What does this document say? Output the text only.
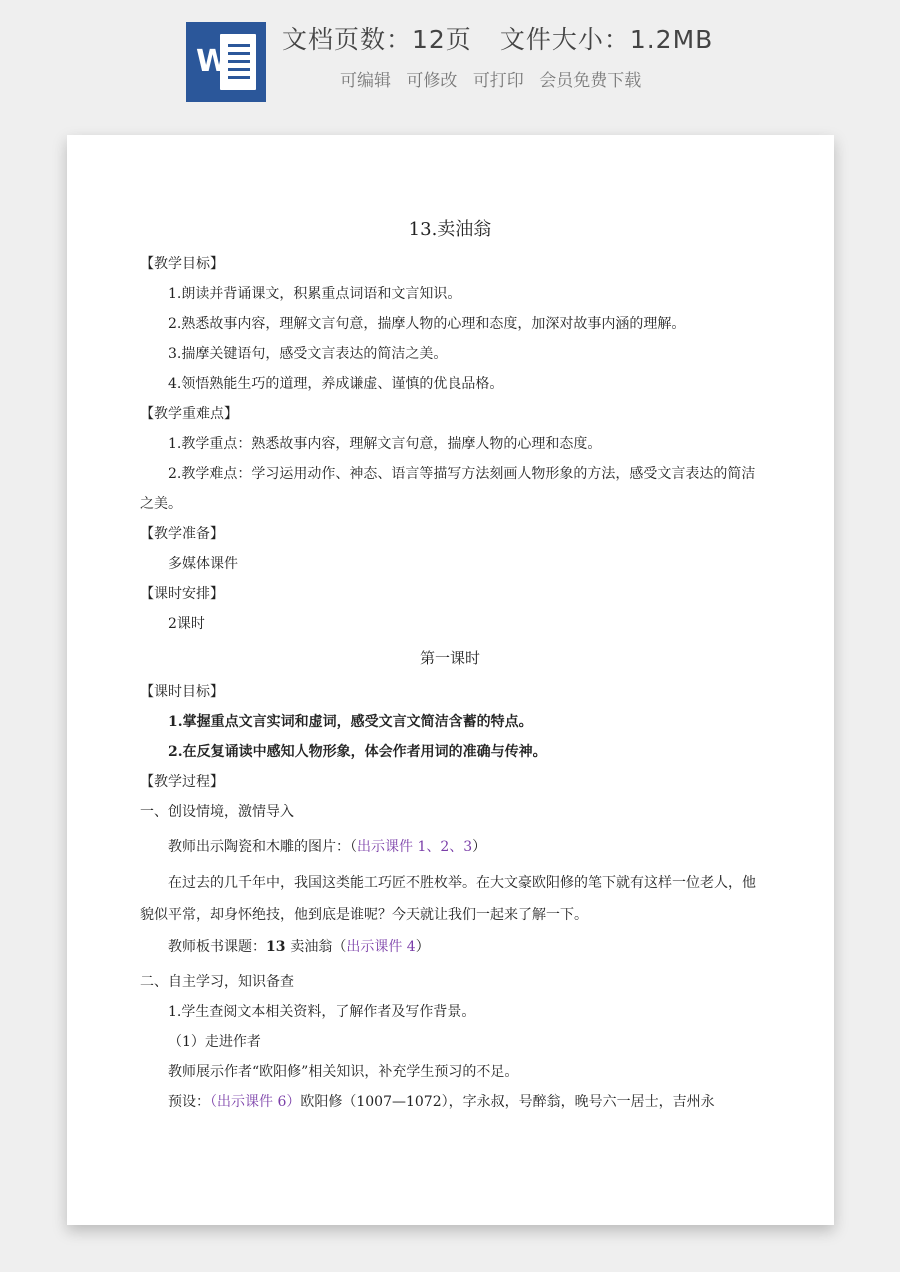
W
文档页数：12页 文件大小：1.2MB
可编辑 可修改 可打印 会员免费下载
13.卖油翁
【教学目标】
1.朗读并背诵课文，积累重点词语和文言知识。
2.熟悉故事内容，理解文言句意，揣摩人物的心理和态度，加深对故事内涵的理解。
3.揣摩关键语句，感受文言表达的简洁之美。
4.领悟熟能生巧的道理，养成谦虚、谨慎的优良品格。
【教学重难点】
1.教学重点：熟悉故事内容，理解文言句意，揣摩人物的心理和态度。
2.教学难点：学习运用动作、神态、语言等描写方法刻画人物形象的方法，感受文言表达的简洁之美。
【教学准备】
多媒体课件
【课时安排】
2课时
第一课时
【课时目标】
1.掌握重点文言实词和虚词，感受文言文简洁含蓄的特点。
2.在反复诵读中感知人物形象，体会作者用词的准确与传神。
【教学过程】
一、创设情境，激情导入
教师出示陶瓷和木雕的图片：（出示课件 1、2、3）
在过去的几千年中，我国这类能工巧匠不胜枚举。在大文豪欧阳修的笔下就有这样一位老人，他貌似平常，却身怀绝技，他到底是谁呢？今天就让我们一起来了解一下。
教师板书课题：13 卖油翁（出示课件 4）
二、自主学习，知识备查
1.学生查阅文本相关资料，了解作者及写作背景。
（1）走进作者
教师展示作者“欧阳修”相关知识，补充学生预习的不足。
预设：（出示课件 6）欧阳修（1007—1072），字永叔，号醉翁，晚号六一居士，吉州永
